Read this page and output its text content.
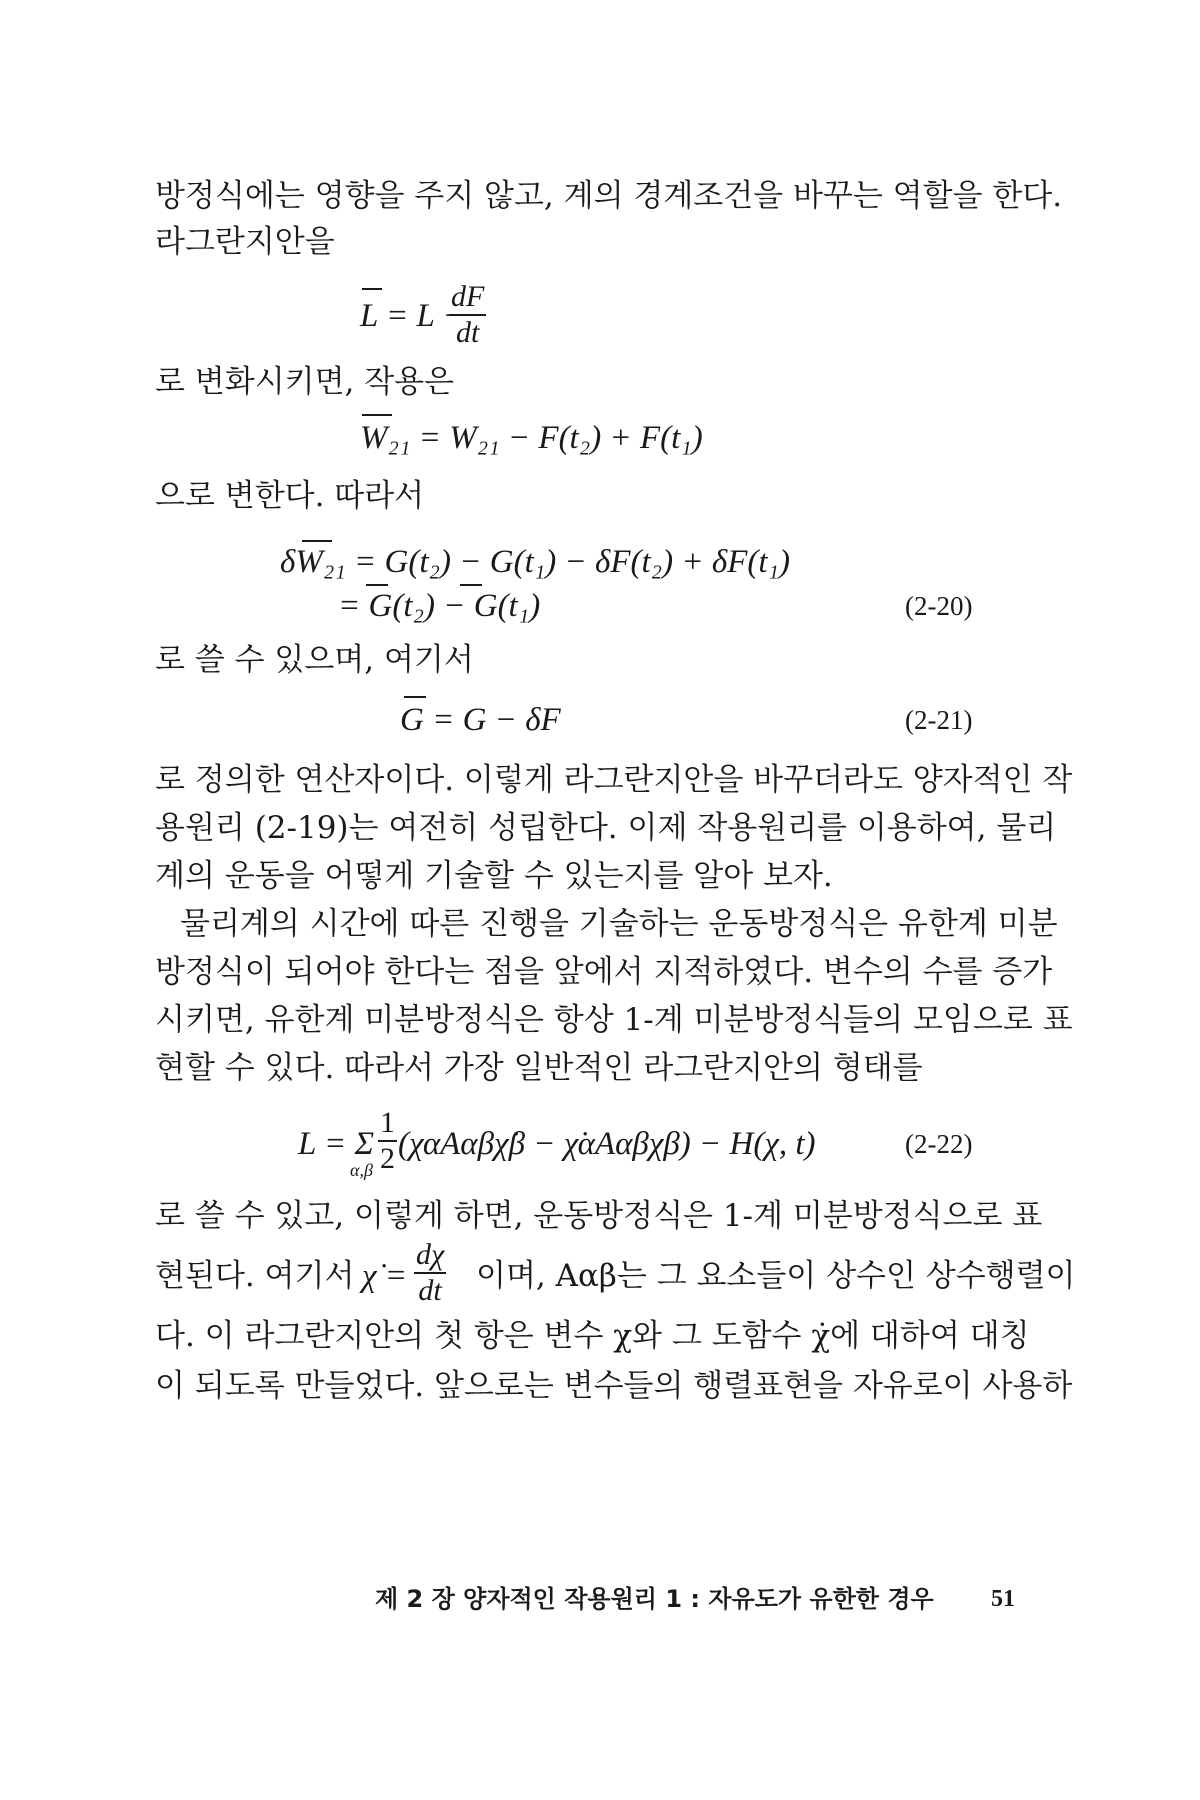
방정식에는 영향을 주지 않고, 계의 경계조건을 바꾸는 역할을 한다.
라그란지안을
L = L −
$\frac{dF}{dt}$
로 변화시키면, 작용은
W₂₁ = W₂₁ − F(t₂) + F(t₁)
으로 변한다. 따라서
δW₂₁ = G(t₂) − G(t₁) − δF(t₂) + δF(t₁)
= G(t₂) − G(t₁)	(2-20)
로 쓸 수 있으며, 여기서
G = G − δF	(2-21)
로 정의한 연산자이다. 이렇게 라그란지안을 바꾸더라도 양자적인 작
용원리 (2-19)는 여전히 성립한다. 이제 작용원리를 이용하여, 물리
계의 운동을 어떻게 기술할 수 있는지를 알아 보자.
물리계의 시간에 따른 진행을 기술하는 운동방정식은 유한계 미분
방정식이 되어야 한다는 점을 앞에서 지적하였다. 변수의 수를 증가
시키면, 유한계 미분방정식은 항상 1-계 미분방정식들의 모임으로 표
현할 수 있다. 따라서 가장 일반적인 라그란지안의 형태를
L = Σ
$\alpha,\beta \frac{1}{2}$ (χαAαβχ̇β − χ̇αAαβχβ) − H(χ, t)	(2-22)
로 쓸 수 있고, 이렇게 하면, 운동방정식은 1-계 미분방정식으로 표
현된다. 여기서 χ̇ = $\frac{d\chi}{dt}$ 이며, Aαβ는 그 요소들이 상수인 상수행렬이
다. 이 라그란지안의 첫 항은 변수 χ와 그 도함수 χ̇에 대하여 대칭
이 되도록 만들었다. 앞으로는 변수들의 행렬표현을 자유로이 사용하
제 2 장 양자적인 작용원리 1 : 자유도가 유한한 경우 51
